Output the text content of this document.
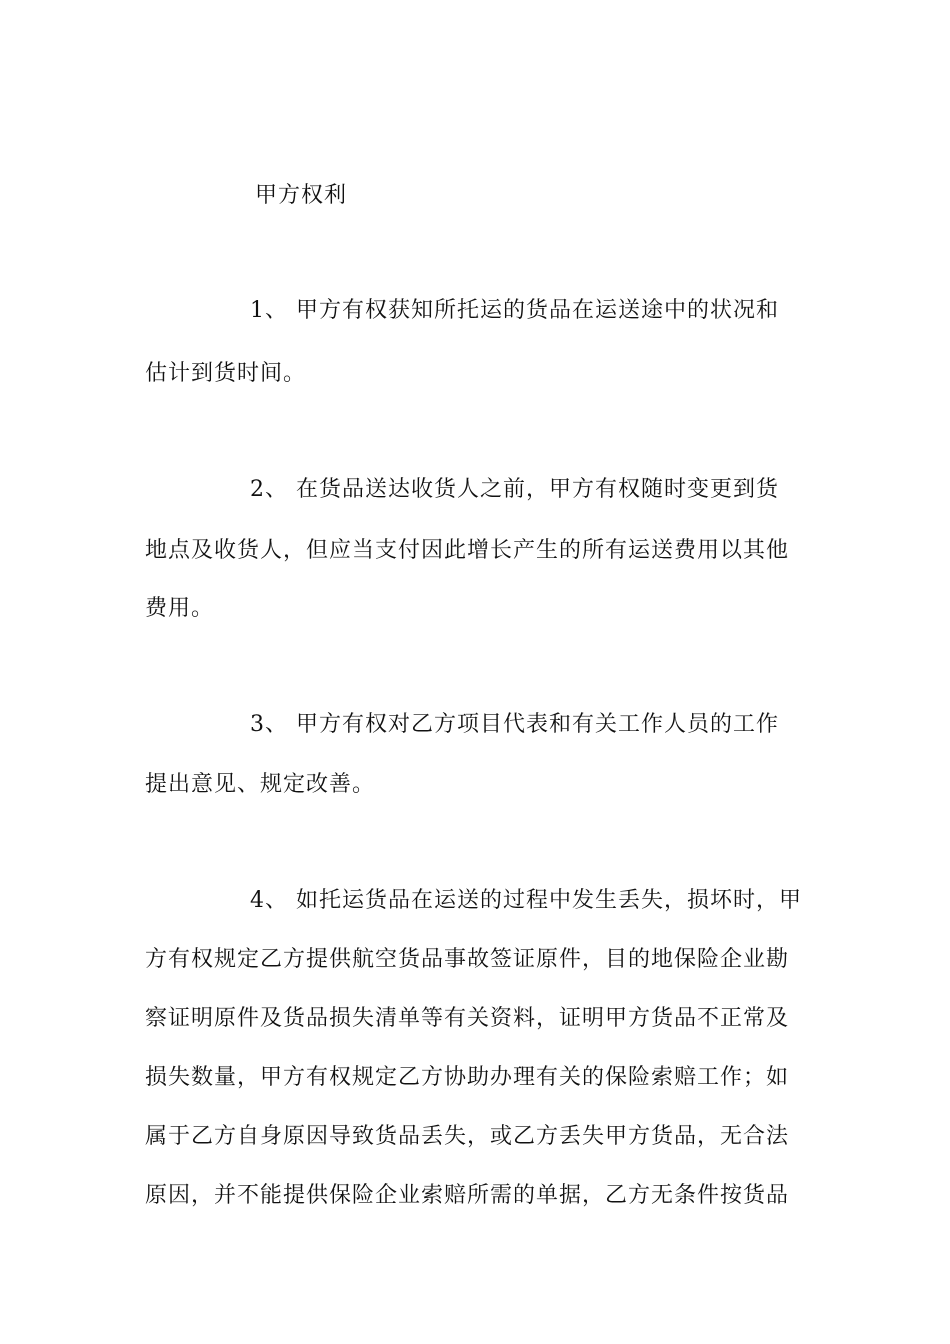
甲方权利
1、 甲方有权获知所托运的货品在运送途中的状况和
估计到货时间。
2、 在货品送达收货人之前，甲方有权随时变更到货
地点及收货人，但应当支付因此增长产生的所有运送费用以其他
费用。
3、 甲方有权对乙方项目代表和有关工作人员的工作
提出意见、规定改善。
4、 如托运货品在运送的过程中发生丢失，损坏时，甲
方有权规定乙方提供航空货品事故签证原件，目的地保险企业勘
察证明原件及货品损失清单等有关资料，证明甲方货品不正常及
损失数量，甲方有权规定乙方协助办理有关的保险索赔工作；如
属于乙方自身原因导致货品丢失，或乙方丢失甲方货品，无合法
原因，并不能提供保险企业索赔所需的单据，乙方无条件按货品
